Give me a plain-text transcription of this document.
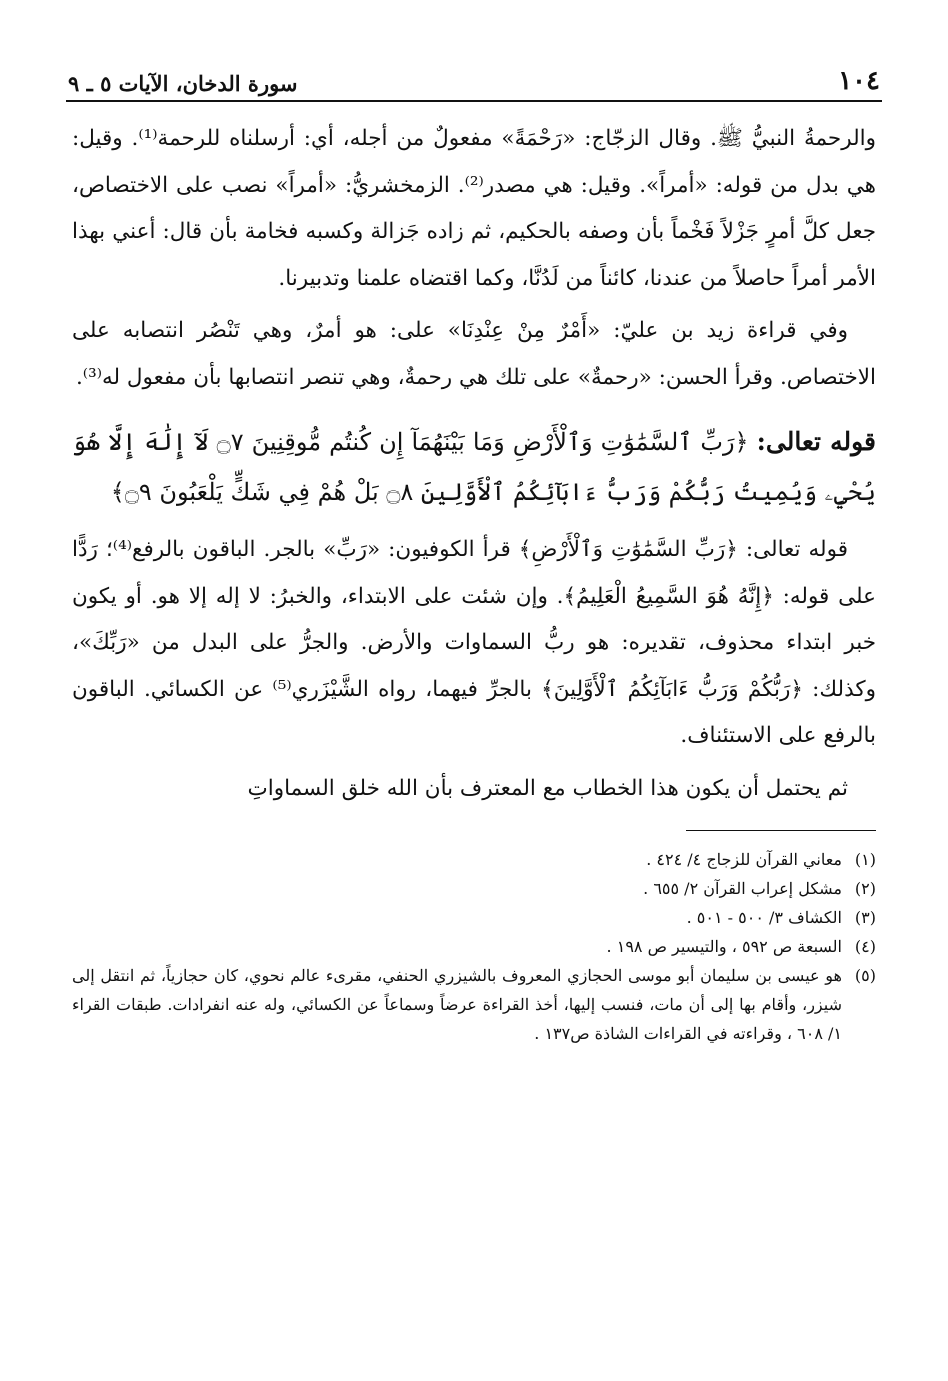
١٠٤
سورة الدخان، الآيات ٥ ـ ٩

والرحمةُ النبيُّ ﷺ. وقال الزجّاج: «رَحْمَةً» مفعولٌ من أجله، أي: أرسلناه للرحمة⁽¹⁾. وقيل: هي بدل من قوله: «أمراً». وقيل: هي مصدر⁽²⁾. الزمخشريُّ: «أمراً» نصب على الاختصاص، جعل كلَّ أمرٍ جَزْلاً فَخْماً بأن وصفه بالحكيم، ثم زاده جَزالة وكسبه فخامة بأن قال: أعني بهذا الأمر أمراً حاصلاً من عندنا، كائناً من لَدُنَّا، وكما اقتضاه علمنا وتدبيرنا.

وفي قراءة زيد بن عليّ: «أَمْرٌ مِنْ عِنْدِنَا» على: هو أمرٌ، وهي تَنْصُر انتصابه على الاختصاص. وقرأ الحسن: «رحمةٌ» على تلك هي رحمةٌ، وهي تنصر انتصابها بأن مفعول له⁽³⁾.

قوله تعالى: ﴿رَبِّ ٱلسَّمَٰوَٰتِ وَٱلْأَرْضِ وَمَا بَيْنَهُمَآ إِن كُنتُم مُّوقِنِينَ ۝٧ لَآ إِلَٰهَ إِلَّا هُوَ يُحْيِۦ وَيُمِيتُ رَبُّكُمْ وَرَبُّ ءَابَآئِكُمُ ٱلْأَوَّلِينَ ۝٨ بَلْ هُمْ فِي شَكٍّ يَلْعَبُونَ ۝٩﴾

قوله تعالى: ﴿رَبِّ السَّمَٰوَٰتِ وَٱلْأَرْضِ﴾ قرأ الكوفيون: «رَبِّ» بالجر. الباقون بالرفع⁽⁴⁾؛ رَدًّا على قوله: ﴿إِنَّهُ هُوَ السَّمِيعُ الْعَلِيمُ﴾. وإن شئت على الابتداء، والخبرُ: لا إله إلا هو. أو يكون خبر ابتداء محذوف، تقديره: هو ربُّ السماوات والأرض. والجرُّ على البدل من «رَبِّكَ»، وكذلك: ﴿رَبُّكُمْ وَرَبُّ ءَابَآئِكُمُ ٱلْأَوَّلِينَ﴾ بالجرِّ فيهما، رواه الشَّيْزَري⁽⁵⁾ عن الكسائي. الباقون بالرفع على الاستئناف.

ثم يحتمل أن يكون هذا الخطاب مع المعترف بأن الله خلق السماواتِ

(١)معاني القرآن للزجاج ٤/ ٤٢٤ .

(٢)مشكل إعراب القرآن ٢/ ٦٥٥ .

(٣)الكشاف ٣/ ٥٠٠ - ٥٠١ .

(٤)السبعة ص ٥٩٢ ، والتيسير ص ١٩٨ .

(٥)هو عيسى بن سليمان أبو موسى الحجازي المعروف بالشيزري الحنفي، مقرىء عالم نحوي، كان حجازياً، ثم انتقل إلى شيزر، وأقام بها إلى أن مات، فنسب إليها، أخذ القراءة عرضاً وسماعاً عن الكسائي، وله عنه انفرادات. طبقات القراء ١/ ٦٠٨ ، وقراءته في القراءات الشاذة ص١٣٧ .
